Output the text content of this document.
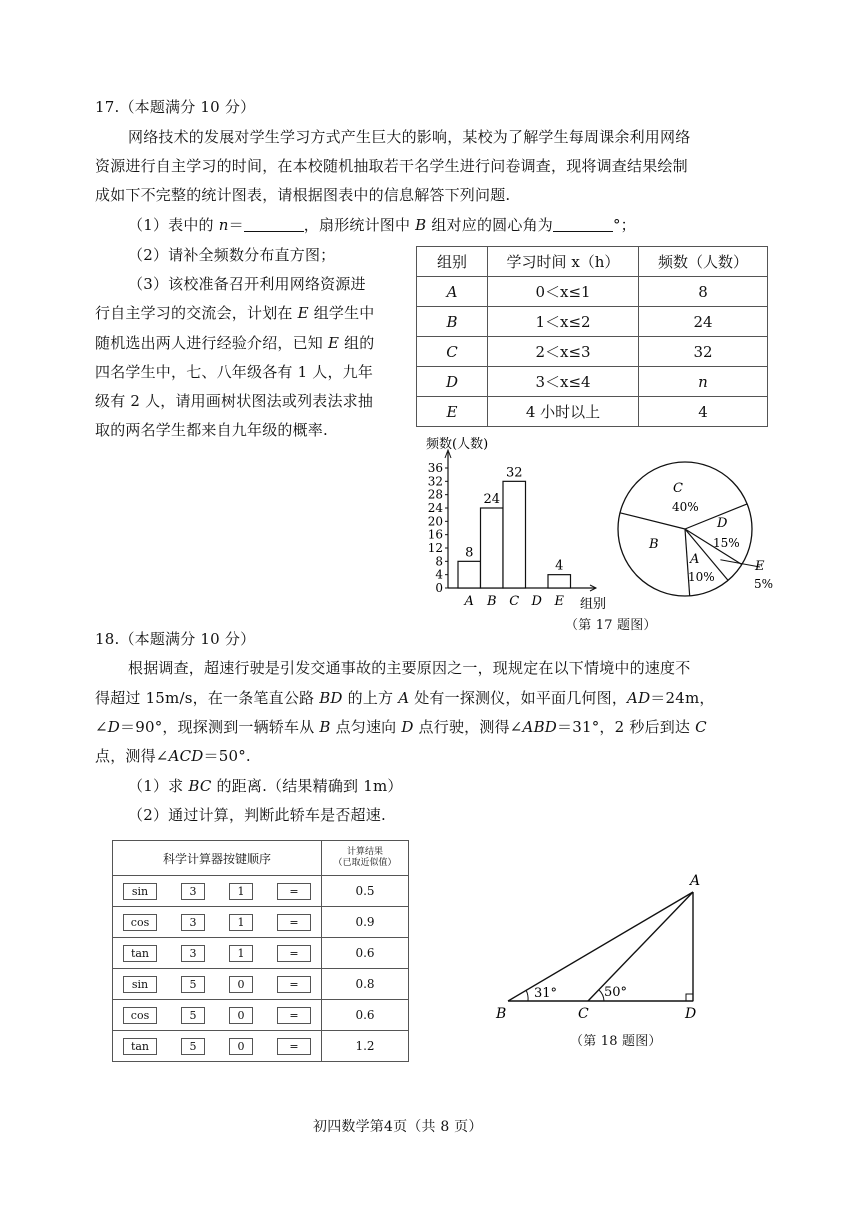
17.（本题满分 10 分）
网络技术的发展对学生学习方式产生巨大的影响，某校为了解学生每周课余利用网络
资源进行自主学习的时间，在本校随机抽取若干名学生进行问卷调查，现将调查结果绘制
成如下不完整的统计图表，请根据图表中的信息解答下列问题.
（1）表中的 n＝	，扇形统计图中 B 组对应的圆心角为	°；
（2）请补全频数分布直方图；
（3）该校准备召开利用网络资源进
行自主学习的交流会，计划在 E 组学生中
随机选出两人进行经验介绍，已知 E 组的
四名学生中，七、八年级各有 1 人，九年
级有 2 人，请用画树状图法或列表法求抽
取的两名学生都来自九年级的概率.
组别	学习时间 x（h）	频数（人数）
A	0＜x≤1	8
B	1＜x≤2	24
C	2＜x≤3	32
D	3＜x≤4	n
E	4 小时以上	4
0
4
8
12
16
20
24
28
32
36
频数(人数)
组别
8
A
24
B
32
C D
4
E
C
40%
D
15%
A
10%
B
E
5%
（第 17 题图）
18.（本题满分 10 分）
根据调查，超速行驶是引发交通事故的主要原因之一，现规定在以下情境中的速度不
得超过 15m/s，在一条笔直公路 BD 的上方 A 处有一探测仪，如平面几何图，AD＝24m，
∠D＝90°，现探测到一辆轿车从 B 点匀速向 D 点行驶，测得∠ABD＝31°，2 秒后到达 C
点，测得∠ACD＝50°.
（1）求 BC 的距离.（结果精确到 1m）
（2）通过计算，判断此轿车是否超速.
科学计算器按键顺序	计算结果
（已取近似值）

sin 3 1 =	0.5
cos 3 1 =	0.9
tan 3 1 =	0.6
sin 5 0 =	0.8
cos 5 0 =	0.6
tan 5 0 =	1.2
A
B	C	D
31°	50°
（第 18 题图）
初四数学第4页（共 8 页）
